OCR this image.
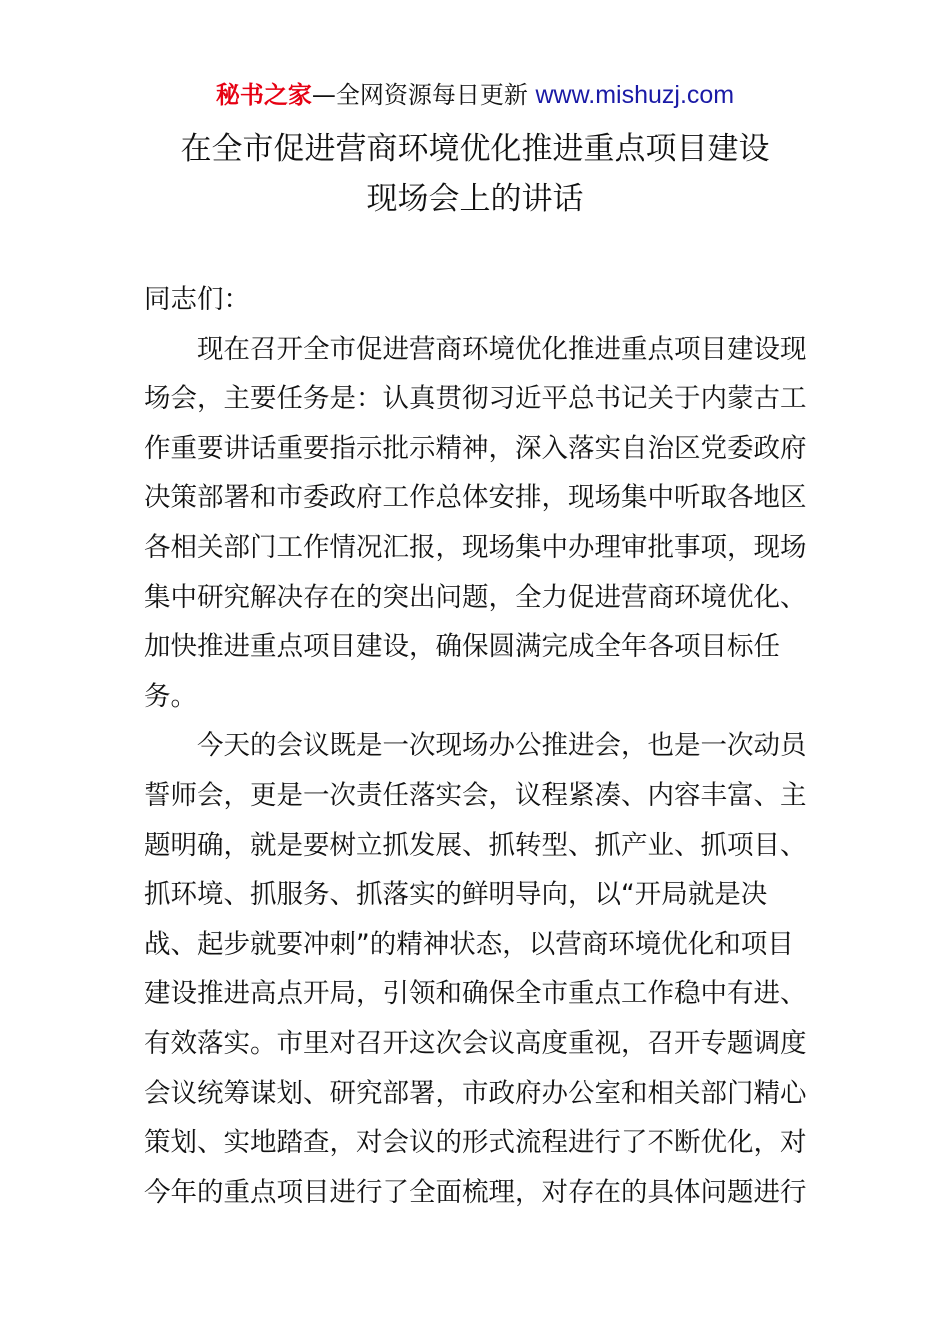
秘书之家—全网资源每日更新 www.mishuzj.com
在全市促进营商环境优化推进重点项目建设
现场会上的讲话
同志们：
现在召开全市促进营商环境优化推进重点项目建设现
场会，主要任务是：认真贯彻习近平总书记关于内蒙古工
作重要讲话重要指示批示精神，深入落实自治区党委政府
决策部署和市委政府工作总体安排，现场集中听取各地区
各相关部门工作情况汇报，现场集中办理审批事项，现场
集中研究解决存在的突出问题，全力促进营商环境优化、
加快推进重点项目建设，确保圆满完成全年各项目标任
务。
今天的会议既是一次现场办公推进会，也是一次动员
誓师会，更是一次责任落实会，议程紧凑、内容丰富、主
题明确，就是要树立抓发展、抓转型、抓产业、抓项目、
抓环境、抓服务、抓落实的鲜明导向，以“开局就是决
战、起步就要冲刺”的精神状态，以营商环境优化和项目
建设推进高点开局，引领和确保全市重点工作稳中有进、
有效落实。市里对召开这次会议高度重视，召开专题调度
会议统筹谋划、研究部署，市政府办公室和相关部门精心
策划、实地踏查，对会议的形式流程进行了不断优化，对
今年的重点项目进行了全面梳理，对存在的具体问题进行
